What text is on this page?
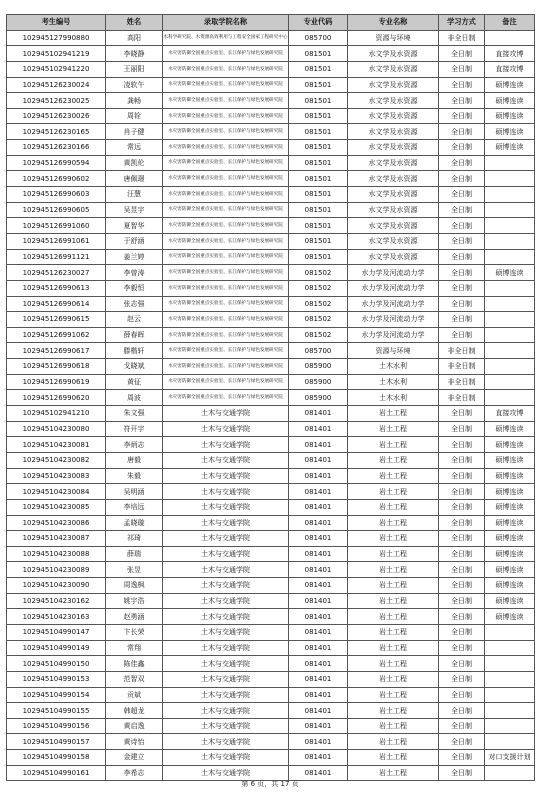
考生编号	姓名	录取学院名称	专业代码	专业名称	学习方式	备注
102945127990880	高阳	水科学研究院、水资源高效利用与工程安全国家工程研究中心	085700	资源与环境	非全日制	
102945102941219	李晓静	水灾害防御全国重点实验室、长江保护与绿色发展研究院	081501	水文学及水资源	全日制	直接攻博
102945102941220	王丽阳	水灾害防御全国重点实验室、长江保护与绿色发展研究院	081501	水文学及水资源	全日制	直接攻博
102945126230024	凌软午	水灾害防御全国重点实验室、长江保护与绿色发展研究院	081501	水文学及水资源	全日制	硕博连读
102945126230025	龚畅	水灾害防御全国重点实验室、长江保护与绿色发展研究院	081501	水文学及水资源	全日制	硕博连读
102945126230026	周铨	水灾害防御全国重点实验室、长江保护与绿色发展研究院	081501	水文学及水资源	全日制	硕博连读
102945126230165	肖子健	水灾害防御全国重点实验室、长江保护与绿色发展研究院	081501	水文学及水资源	全日制	硕博连读
102945126230166	常远	水灾害防御全国重点实验室、长江保护与绿色发展研究院	081501	水文学及水资源	全日制	硕博连读
102945126990594	黄凯伦	水灾害防御全国重点实验室、长江保护与绿色发展研究院	081501	水文学及水资源	全日制	
102945126990602	唐佩璟	水灾害防御全国重点实验室、长江保护与绿色发展研究院	081501	水文学及水资源	全日制	
102945126990603	汪慧	水灾害防御全国重点实验室、长江保护与绿色发展研究院	081501	水文学及水资源	全日制	
102945126990605	吴昱宇	水灾害防御全国重点实验室、长江保护与绿色发展研究院	081501	水文学及水资源	全日制	
102945126991060	夏智华	水灾害防御全国重点实验室、长江保护与绿色发展研究院	081501	水文学及水资源	全日制	
102945126991061	于舒涵	水灾害防御全国重点实验室、长江保护与绿色发展研究院	081501	水文学及水资源	全日制	
102945126991121	姜兰婷	水灾害防御全国重点实验室、长江保护与绿色发展研究院	081501	水文学及水资源	全日制	
102945126230027	李曾涛	水灾害防御全国重点实验室、长江保护与绿色发展研究院	081502	水力学及河流动力学	全日制	硕博连读
102945126990613	李毅恒	水灾害防御全国重点实验室、长江保护与绿色发展研究院	081502	水力学及河流动力学	全日制	
102945126990614	张志强	水灾害防御全国重点实验室、长江保护与绿色发展研究院	081502	水力学及河流动力学	全日制	
102945126990615	赵云	水灾害防御全国重点实验室、长江保护与绿色发展研究院	081502	水力学及河流动力学	全日制	
102945126991062	薛春晖	水灾害防御全国重点实验室、长江保护与绿色发展研究院	081502	水力学及河流动力学	全日制	
102945126990617	滕楷轩	水灾害防御全国重点实验室、长江保护与绿色发展研究院	085700	资源与环境	非全日制	
102945126990618	戈晓斌	水灾害防御全国重点实验室、长江保护与绿色发展研究院	085900	土木水利	非全日制	
102945126990619	黄征	水灾害防御全国重点实验室、长江保护与绿色发展研究院	085900	土木水利	非全日制	
102945126990620	周波	水灾害防御全国重点实验室、长江保护与绿色发展研究院	085900	土木水利	非全日制	
102945102941210	朱文强	土木与交通学院	081401	岩土工程	全日制	直接攻博
102945104230080	符开宇	土木与交通学院	081401	岩土工程	全日制	硕博连读
102945104230081	李炳志	土木与交通学院	081401	岩土工程	全日制	硕博连读
102945104230082	唐毅	土木与交通学院	081401	岩土工程	全日制	硕博连读
102945104230083	朱毅	土木与交通学院	081401	岩土工程	全日制	硕博连读
102945104230084	吴明涵	土木与交通学院	081401	岩土工程	全日制	硕博连读
102945104230085	李培远	土木与交通学院	081401	岩土工程	全日制	硕博连读
102945104230086	孟晓璇	土木与交通学院	081401	岩土工程	全日制	硕博连读
102945104230087	祁琦	土木与交通学院	081401	岩土工程	全日制	硕博连读
102945104230088	薛瑞	土木与交通学院	081401	岩土工程	全日制	硕博连读
102945104230089	张昱	土木与交通学院	081401	岩土工程	全日制	硕博连读
102945104230090	周逸枫	土木与交通学院	081401	岩土工程	全日制	硕博连读
102945104230162	姚宇浩	土木与交通学院	081401	岩土工程	全日制	硕博连读
102945104230163	赵勇涵	土木与交通学院	081401	岩土工程	全日制	硕博连读
102945104990147	卞长荣	土木与交通学院	081401	岩土工程	全日制	
102945104990149	常翔	土木与交通学院	081401	岩土工程	全日制	
102945104990150	陈佳鑫	土木与交通学院	081401	岩土工程	全日制	
102945104990153	范智双	土木与交通学院	081401	岩土工程	全日制	
102945104990154	贡斌	土木与交通学院	081401	岩土工程	全日制	
102945104990155	韩超龙	土木与交通学院	081401	岩土工程	全日制	
102945104990156	黄启逸	土木与交通学院	081401	岩土工程	全日制	
102945104990157	黄诗怡	土木与交通学院	081401	岩土工程	全日制	
102945104990158	金建立	土木与交通学院	081401	岩土工程	全日制	对口支援计划
102945104990161	李希志	土木与交通学院	081401	岩土工程	全日制	
第 6 页，共 17 页
